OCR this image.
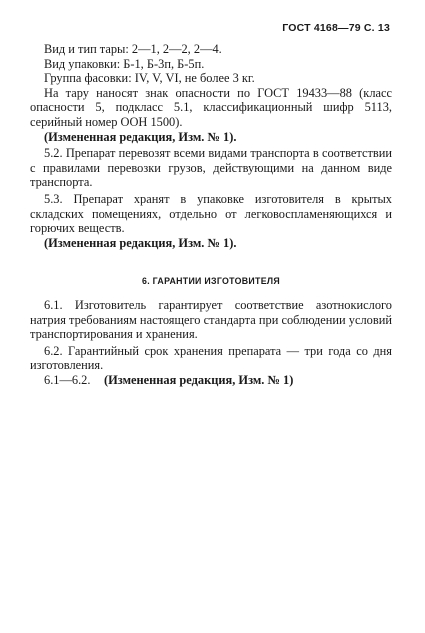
ГОСТ 4168—79 С. 13

Вид и тип тары: 2—1, 2—2, 2—4.

Вид упаковки: Б-1, Б-3п, Б-5п.

Группа фасовки: IV, V, VI, не более 3 кг.

На тару наносят знак опасности по ГОСТ 19433—88 (класс опасности 5, подкласс 5.1, классификационный шифр 5113, серийный номер ООН 1500).

(Измененная редакция, Изм. № 1).

5.2. Препарат перевозят всеми видами транспорта в соответствии с правилами перевозки грузов, действующими на данном виде транспорта.

5.3. Препарат хранят в упаковке изготовителя в крытых складских помещениях, отдельно от легковоспламеняющихся и горючих веществ.

(Измененная редакция, Изм. № 1).

6. ГАРАНТИИ ИЗГОТОВИТЕЛЯ

6.1. Изготовитель гарантирует соответствие азотнокислого натрия требованиям настоящего стандарта при соблюдении условий транспортирования и хранения.

6.2. Гарантийный срок хранения препарата — три года со дня изготовления.

6.1—6.2. (Измененная редакция, Изм. № 1)
